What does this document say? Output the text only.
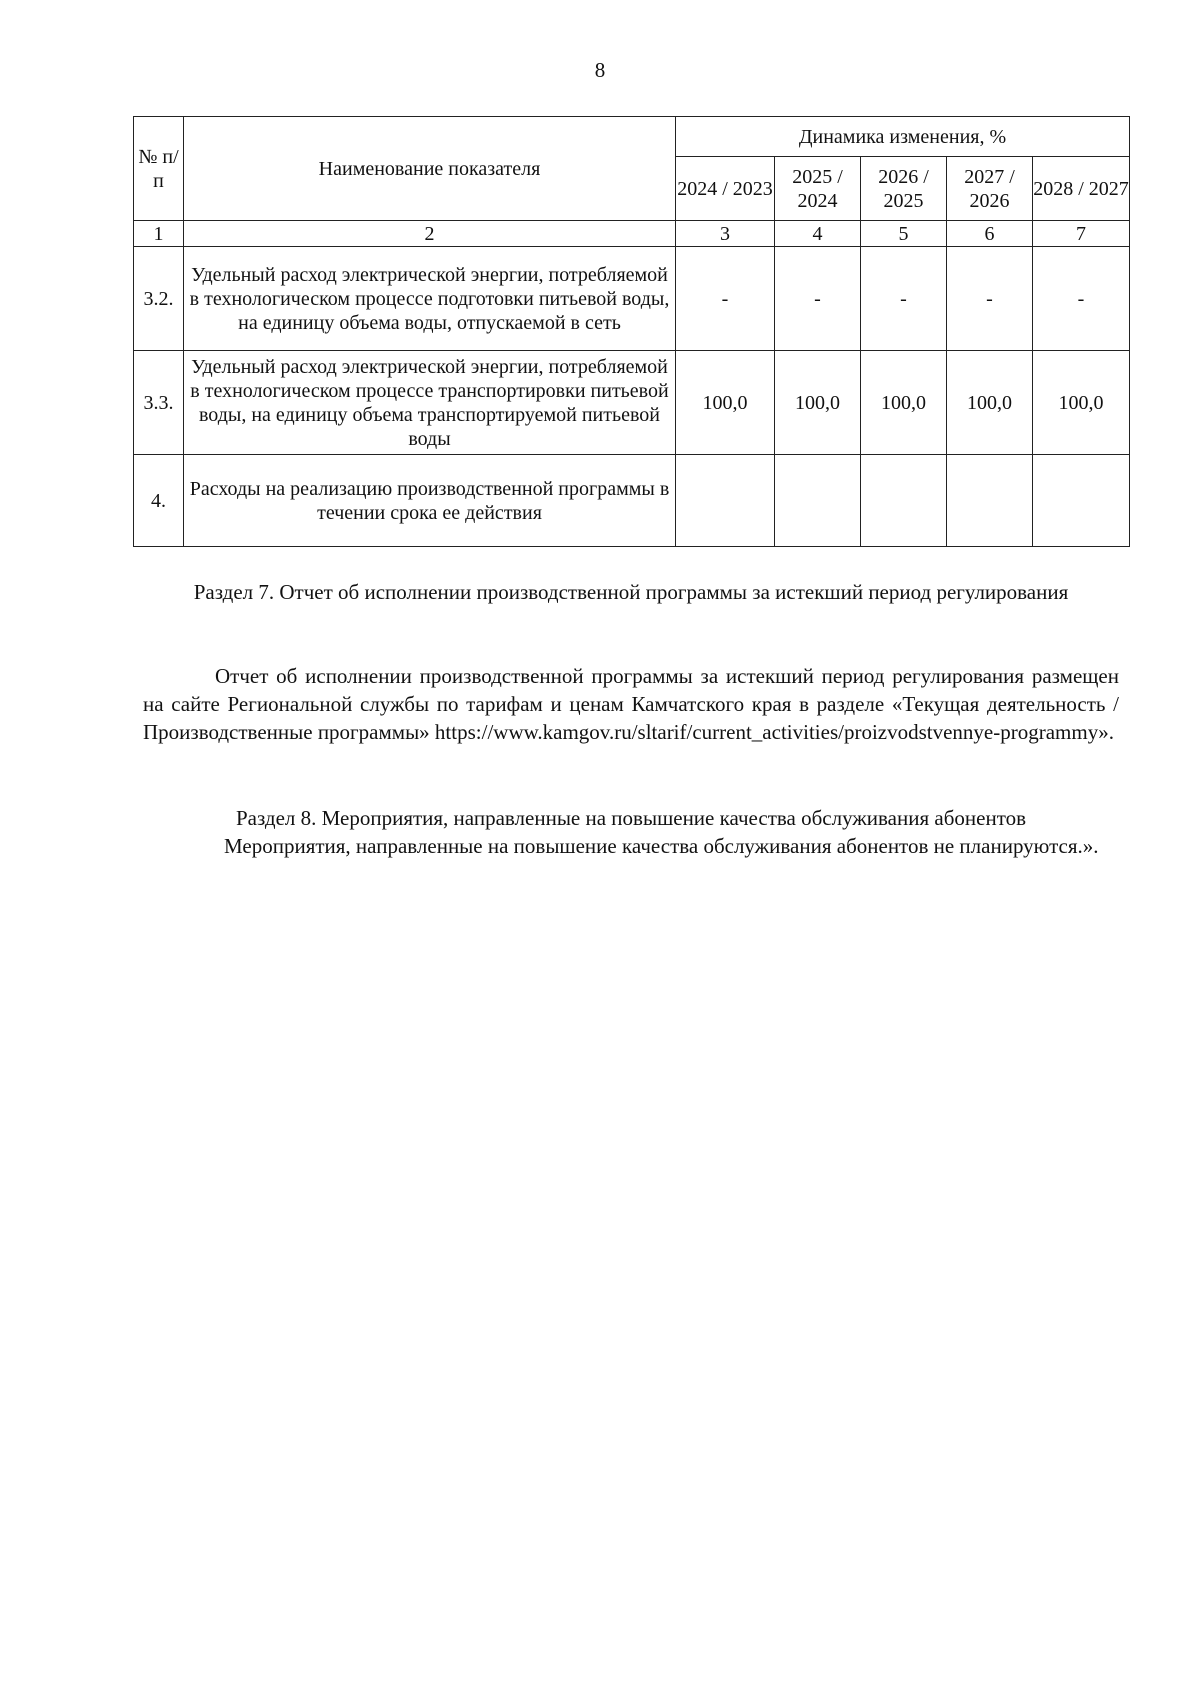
8
№ п/п	Наименование показателя	Динамика изменения, %				
		2024 / 2023	2025 / 2024	2026 / 2025	2027 / 2026	2028 / 2027
1	2	3	4	5	6	7
3.2.	Удельный расход электрической энергии, потребляемой в технологическом процессе подготовки питьевой воды, на единицу объема воды, отпускаемой в сеть	-	-	-	-	-
3.3.	Удельный расход электрической энергии, потребляемой в технологическом процессе транспортировки питьевой воды, на единицу объема транспортируемой питьевой воды	100,0	100,0	100,0	100,0	100,0
4.	Расходы на реализацию производственной программы в течении срока ее действия					
Раздел 7. Отчет об исполнении производственной программы за истекший период регулирования
Отчет об исполнении производственной программы за истекший период регулирования размещен на сайте Региональной службы по тарифам и ценам Камчатского края в разделе «Текущая деятельность / Производственные программы» https://www.kamgov.ru/sltarif/current_activities/proizvodstvennye-programmy».
Раздел 8. Мероприятия, направленные на повышение качества обслуживания абонентов
Мероприятия, направленные на повышение качества обслуживания абонентов не планируются.».
